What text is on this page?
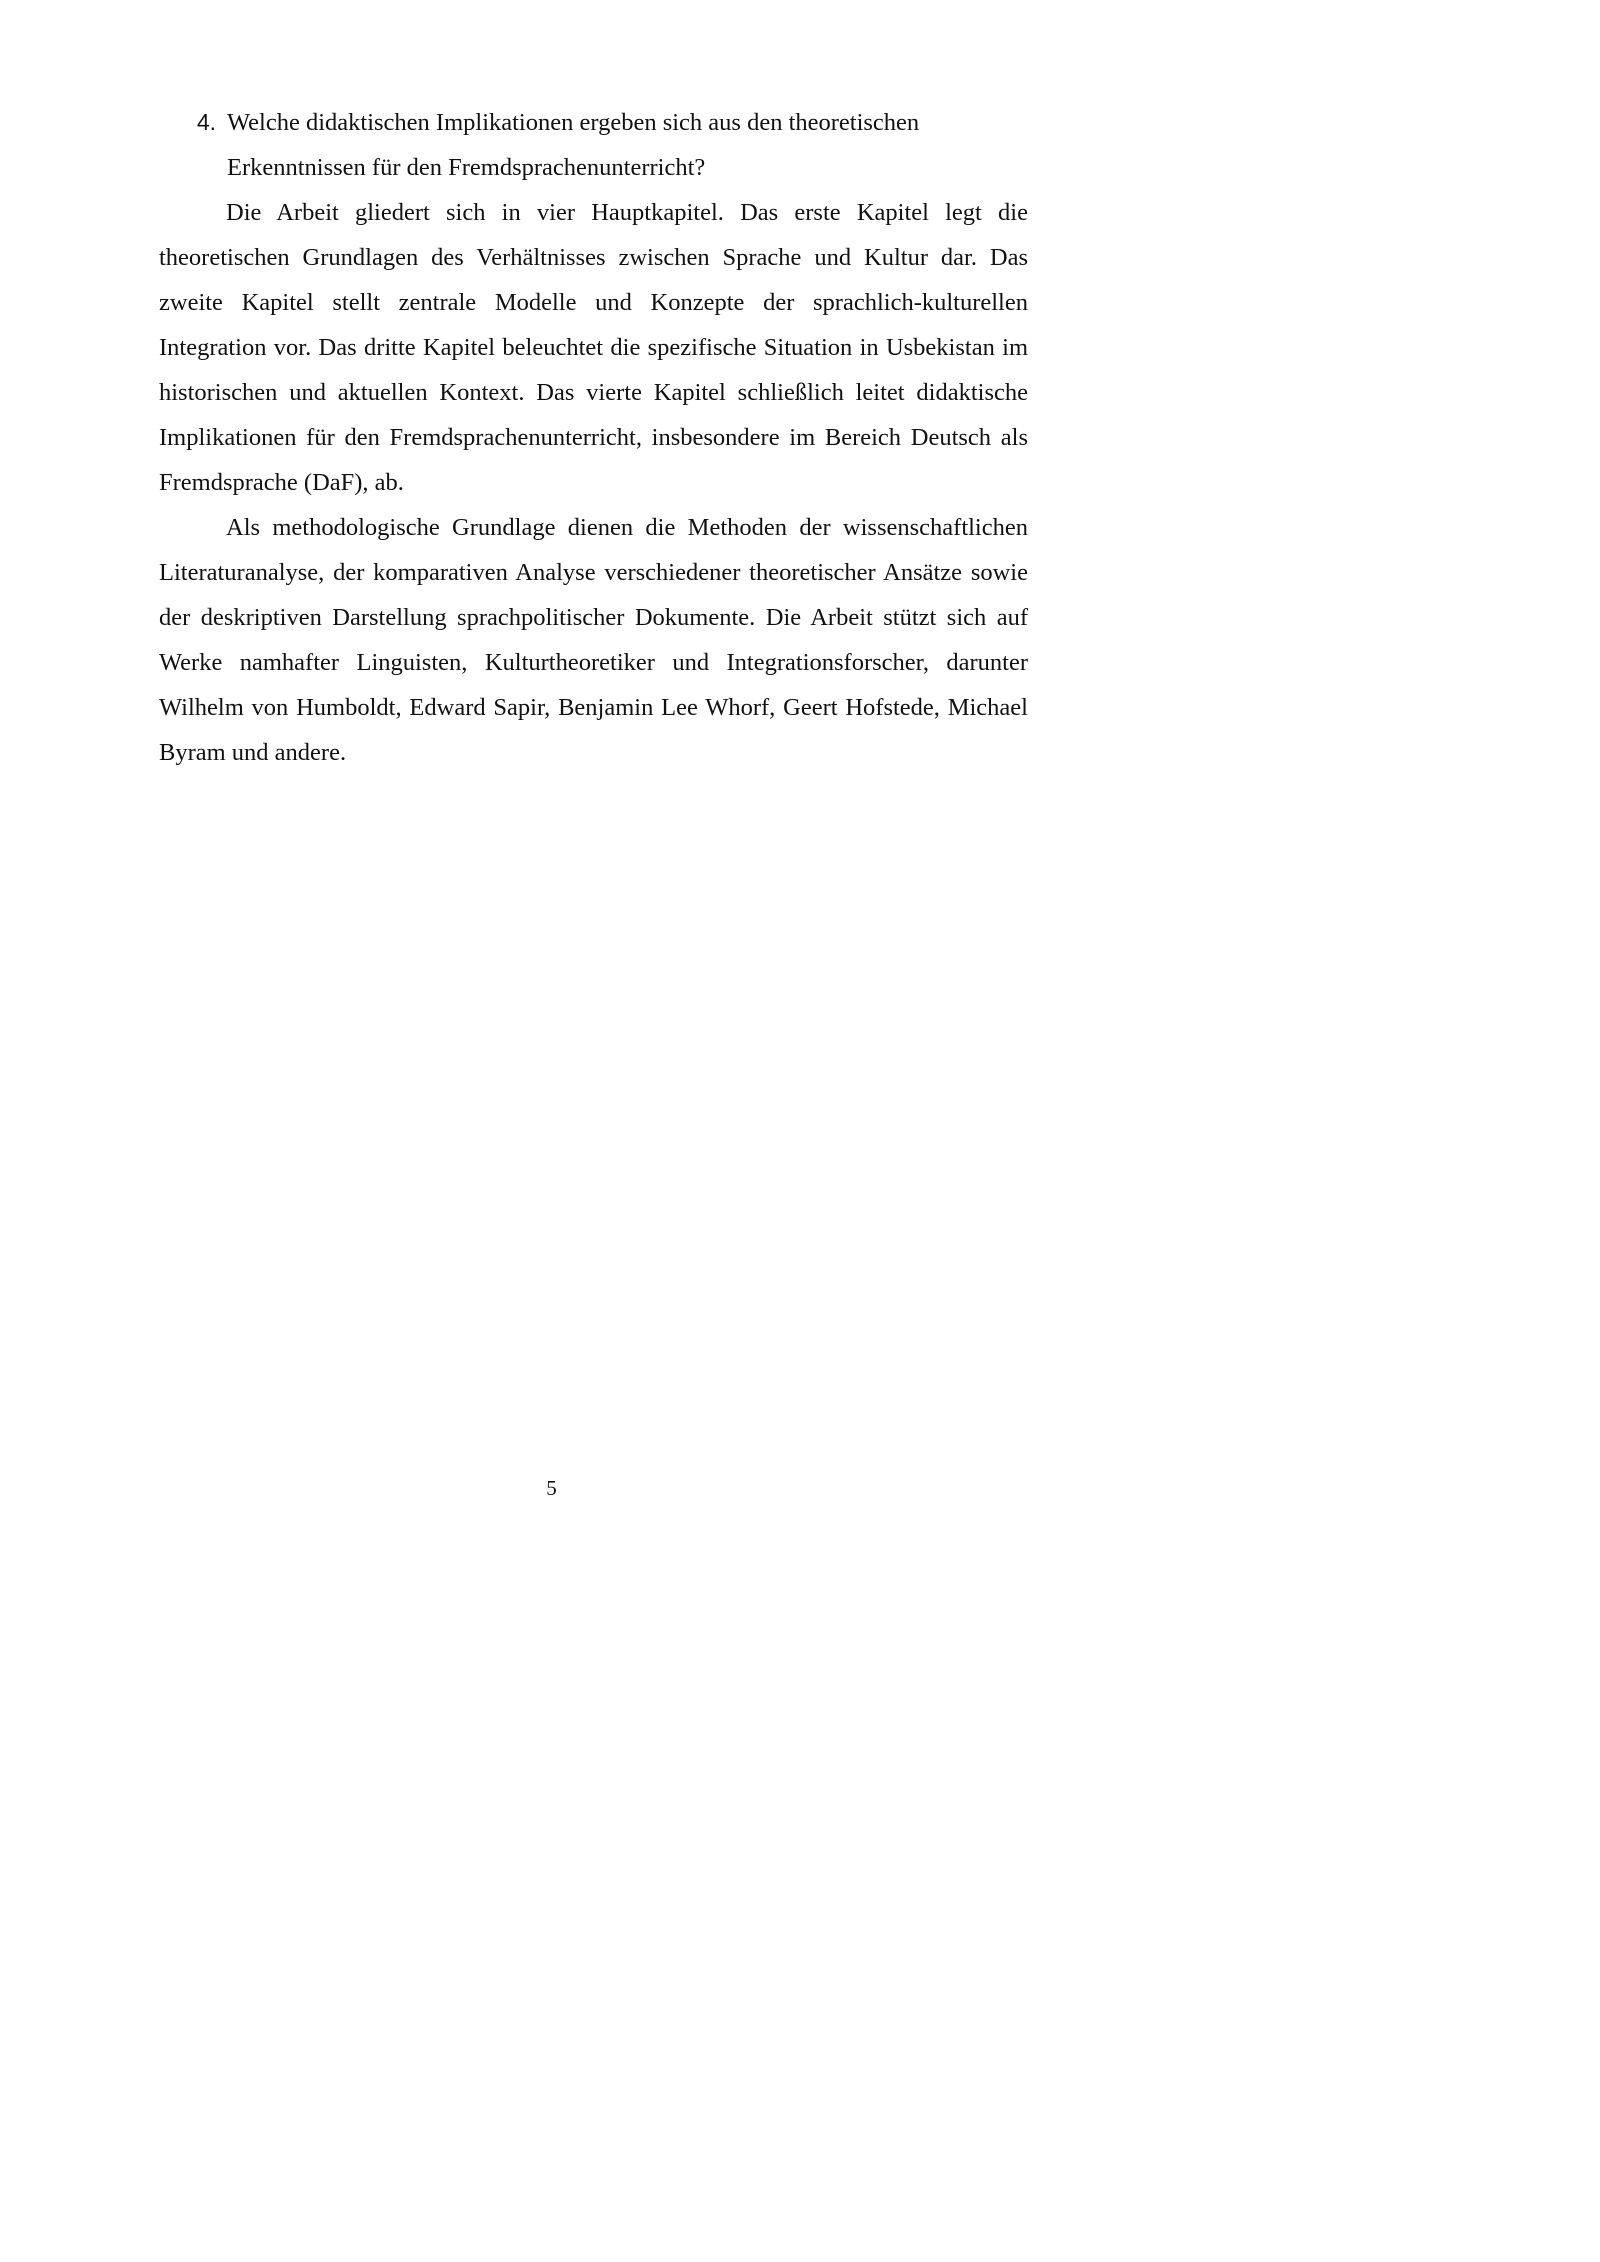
4. Welche didaktischen Implikationen ergeben sich aus den theoretischen Erkenntnissen für den Fremdsprachenunterricht?

Die Arbeit gliedert sich in vier Hauptkapitel. Das erste Kapitel legt die theoretischen Grundlagen des Verhältnisses zwischen Sprache und Kultur dar. Das zweite Kapitel stellt zentrale Modelle und Konzepte der sprachlich-kulturellen Integration vor. Das dritte Kapitel beleuchtet die spezifische Situation in Usbekistan im historischen und aktuellen Kontext. Das vierte Kapitel schließlich leitet didaktische Implikationen für den Fremdsprachenunterricht, insbesondere im Bereich Deutsch als Fremdsprache (DaF), ab.

Als methodologische Grundlage dienen die Methoden der wissenschaftlichen Literaturanalyse, der komparativen Analyse verschiedener theoretischer Ansätze sowie der deskriptiven Darstellung sprachpolitischer Dokumente. Die Arbeit stützt sich auf Werke namhafter Linguisten, Kulturtheoretiker und Integrationsforscher, darunter Wilhelm von Humboldt, Edward Sapir, Benjamin Lee Whorf, Geert Hofstede, Michael Byram und andere.

5
